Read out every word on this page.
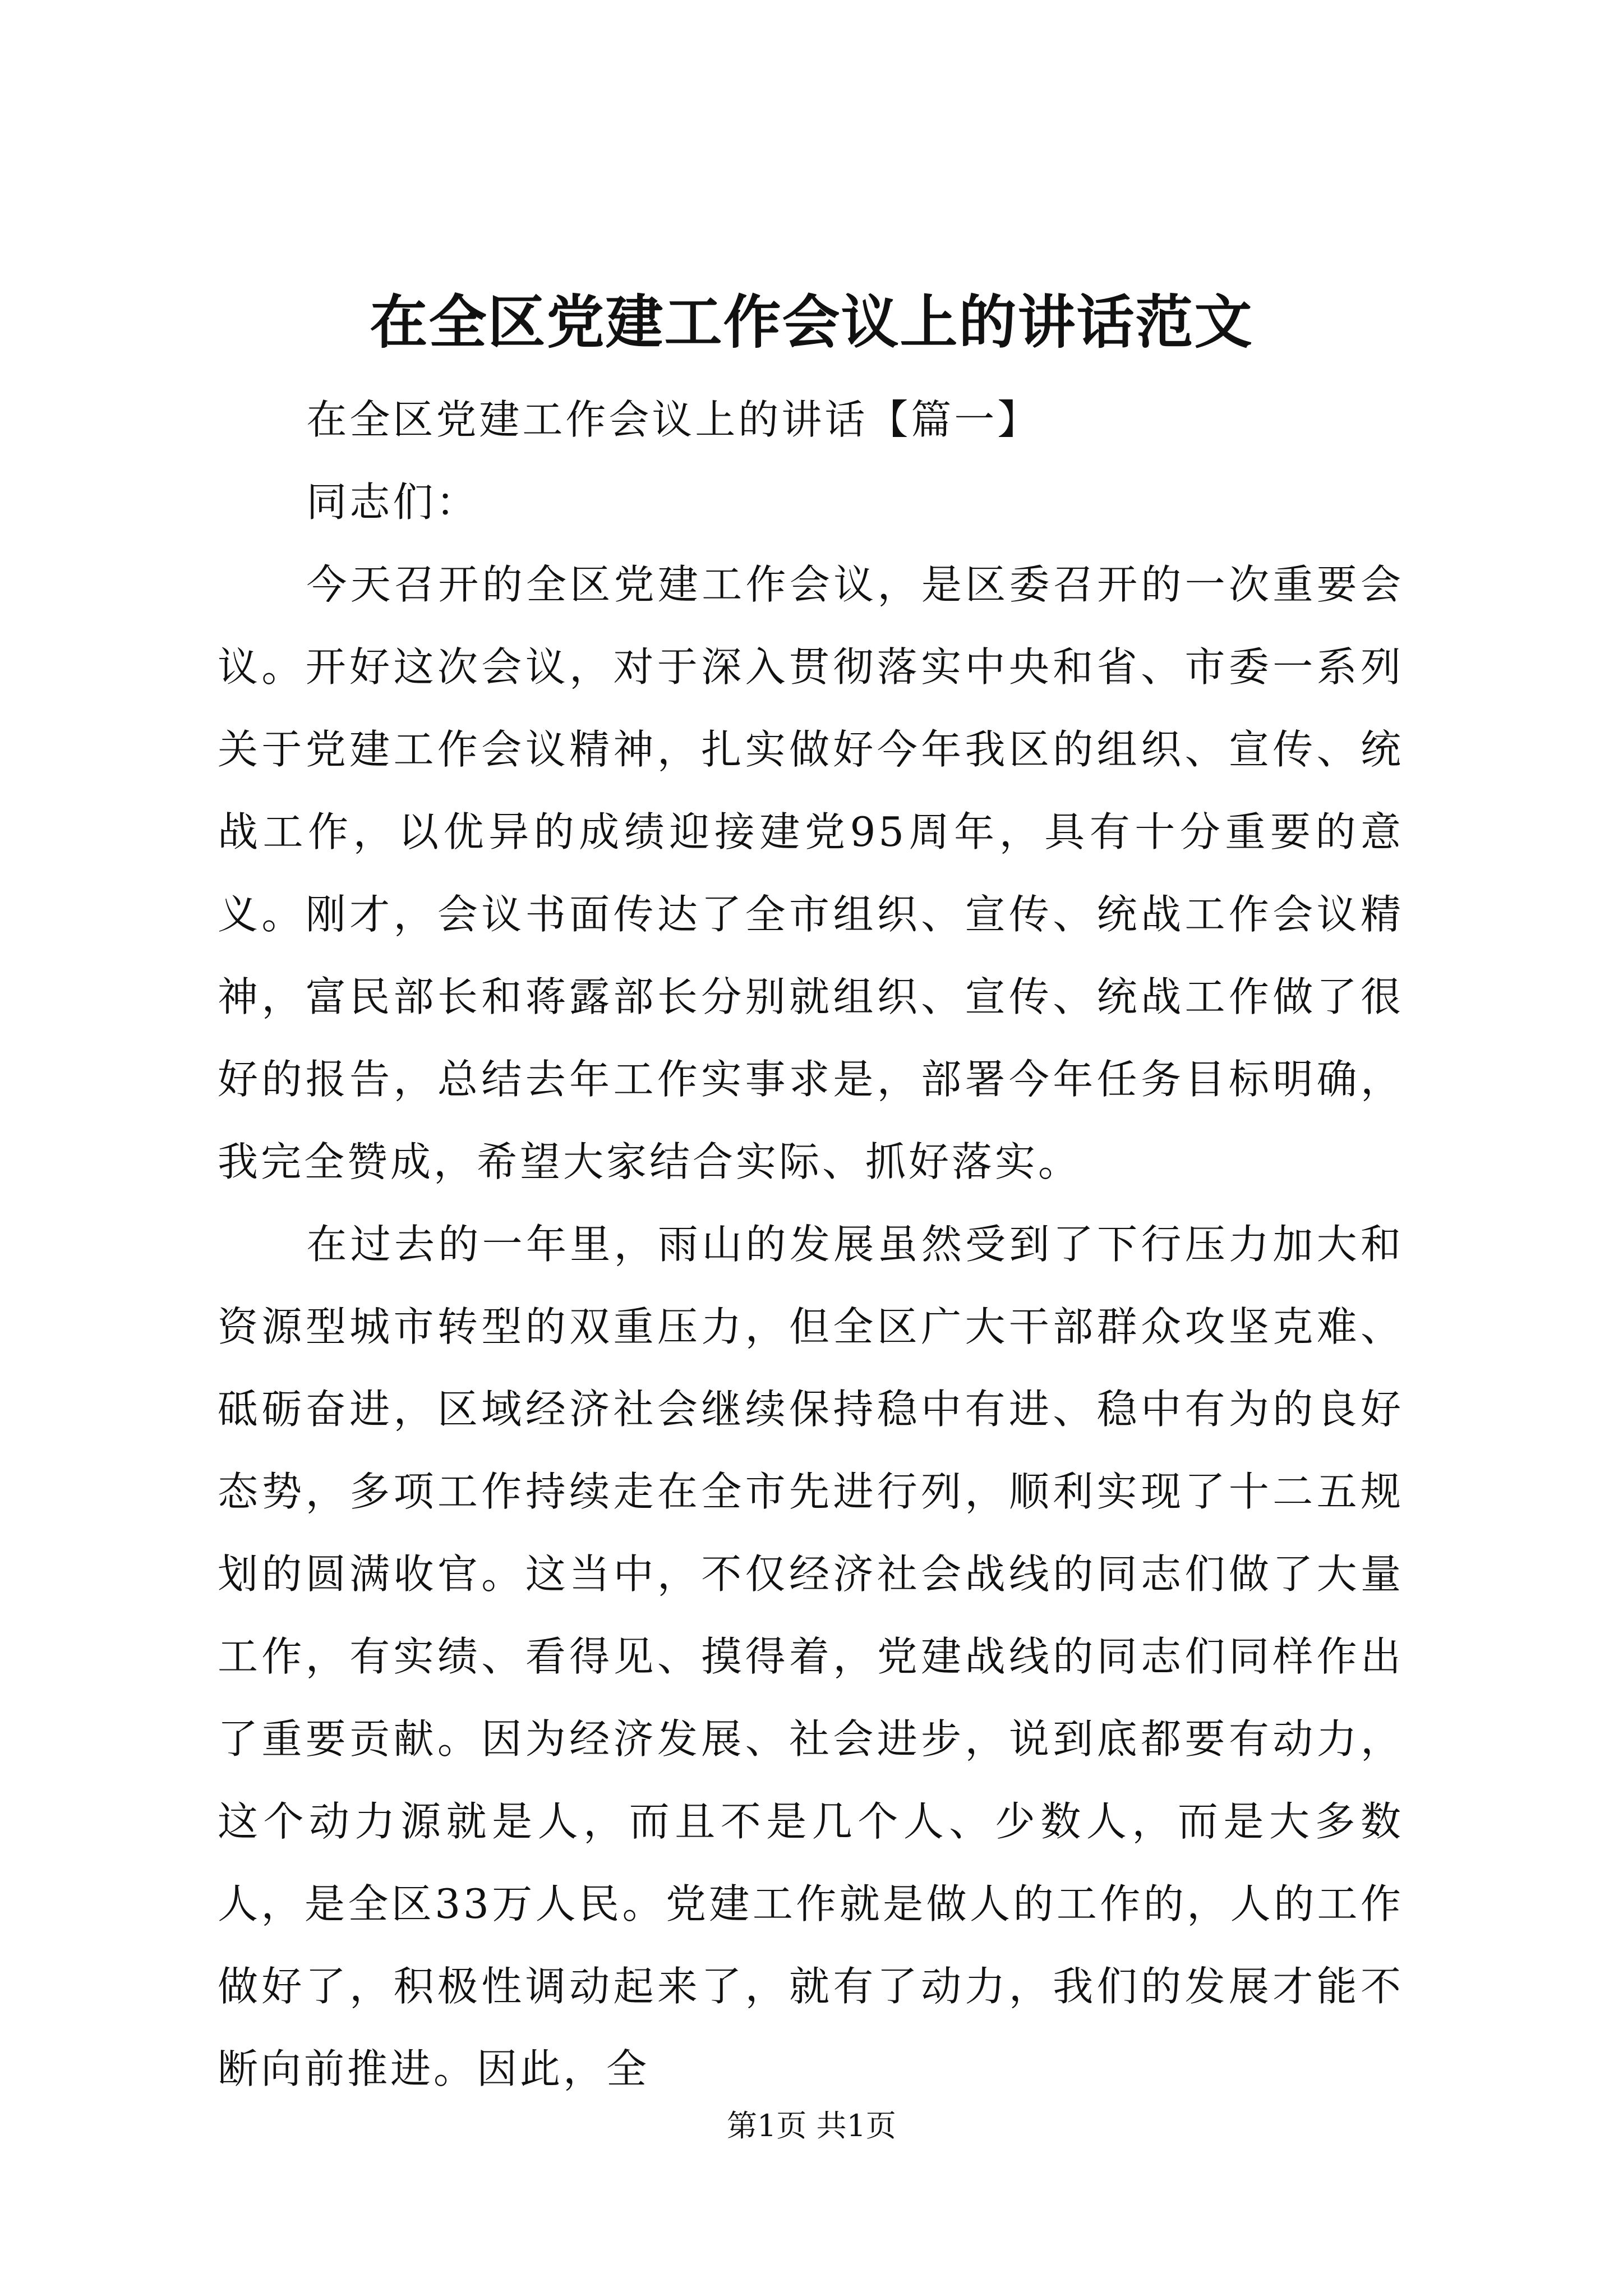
在全区党建工作会议上的讲话范文

在全区党建工作会议上的讲话【篇一】

同志们：

今天召开的全区党建工作会议，是区委召开的一次重要会议。开好这次会议，对于深入贯彻落实中央和省、市委一系列关于党建工作会议精神，扎实做好今年我区的组织、宣传、统战工作，以优异的成绩迎接建党95周年，具有十分重要的意义。刚才，会议书面传达了全市组织、宣传、统战工作会议精神，富民部长和蒋露部长分别就组织、宣传、统战工作做了很好的报告，总结去年工作实事求是，部署今年任务目标明确，我完全赞成，希望大家结合实际、抓好落实。

在过去的一年里，雨山的发展虽然受到了下行压力加大和资源型城市转型的双重压力，但全区广大干部群众攻坚克难、砥砺奋进，区域经济社会继续保持稳中有进、稳中有为的良好态势，多项工作持续走在全市先进行列，顺利实现了十二五规划的圆满收官。这当中，不仅经济社会战线的同志们做了大量工作，有实绩、看得见、摸得着，党建战线的同志们同样作出了重要贡献。因为经济发展、社会进步，说到底都要有动力，这个动力源就是人，而且不是几个人、少数人，而是大多数人，是全区33万人民。党建工作就是做人的工作的，人的工作做好了，积极性调动起来了，就有了动力，我们的发展才能不断向前推进。因此，全

第1页 共1页
